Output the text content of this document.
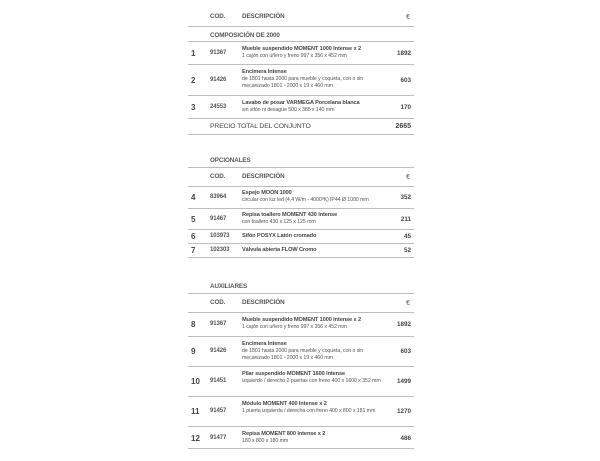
COD.	DESCRIPCIÓN	€
COMPOSICIÓN DE 2000
1 91367
Mueble suspendido MOMENT 1000 Intense x 2
1 cajón con uñero y freno 997 x 356 x 452 mm	1892
2 91426
Encimera Intense
de 1801 hasta 2000 para mueble y coqueta, con o sin mecanizado 1801 - 2000 x 19 x 460 mm
603
3 24553
Lavabo de posar VARMEGA Porcelana blanca
sin sifón ni desagüe 500 x 385 x 140 mm	170
PRECIO TOTAL DEL CONJUNTO	2665
OPCIONALES
COD.	DESCRIPCIÓN	€
4 83964
Espejo MOON 1000
circular con luz led (4,4 W/m - 4000ºK) IP44 Ø 1000 mm	352
5 91467
Repisa toallero MOMENT 430 Intense
con toallero 430 x 125 x 125 mm	211
6 103973 Sifón POSYX Latón cromado	45
7 102303 Válvula abierta FLOW Cromo	52
AUXILIARES
COD.	DESCRIPCIÓN	€
8 91367
Mueble suspendido MOMENT 1000 Intense x 2
1 cajón con uñero y freno 997 x 356 x 452 mm	1892
9 91426
Encimera Intense
de 1801 hasta 2000 para mueble y coqueta, con o sin mecanizado 1801 - 2000 x 19 x 460 mm
603
10 91451
Pilar suspendido MOMENT 1600 Intense
izquierdo / derecho 2 puertas con freno 400 x 1600 x 352 mm	1499
11 91457
Módulo MOMENT 400 Intense x 2
1 puerta izquierda / derecha con freno 400 x 800 x 181 mm	1270
12 91477
Repisa MOMENT 800 Intense x 2
180 x 800 x 180 mm	486
